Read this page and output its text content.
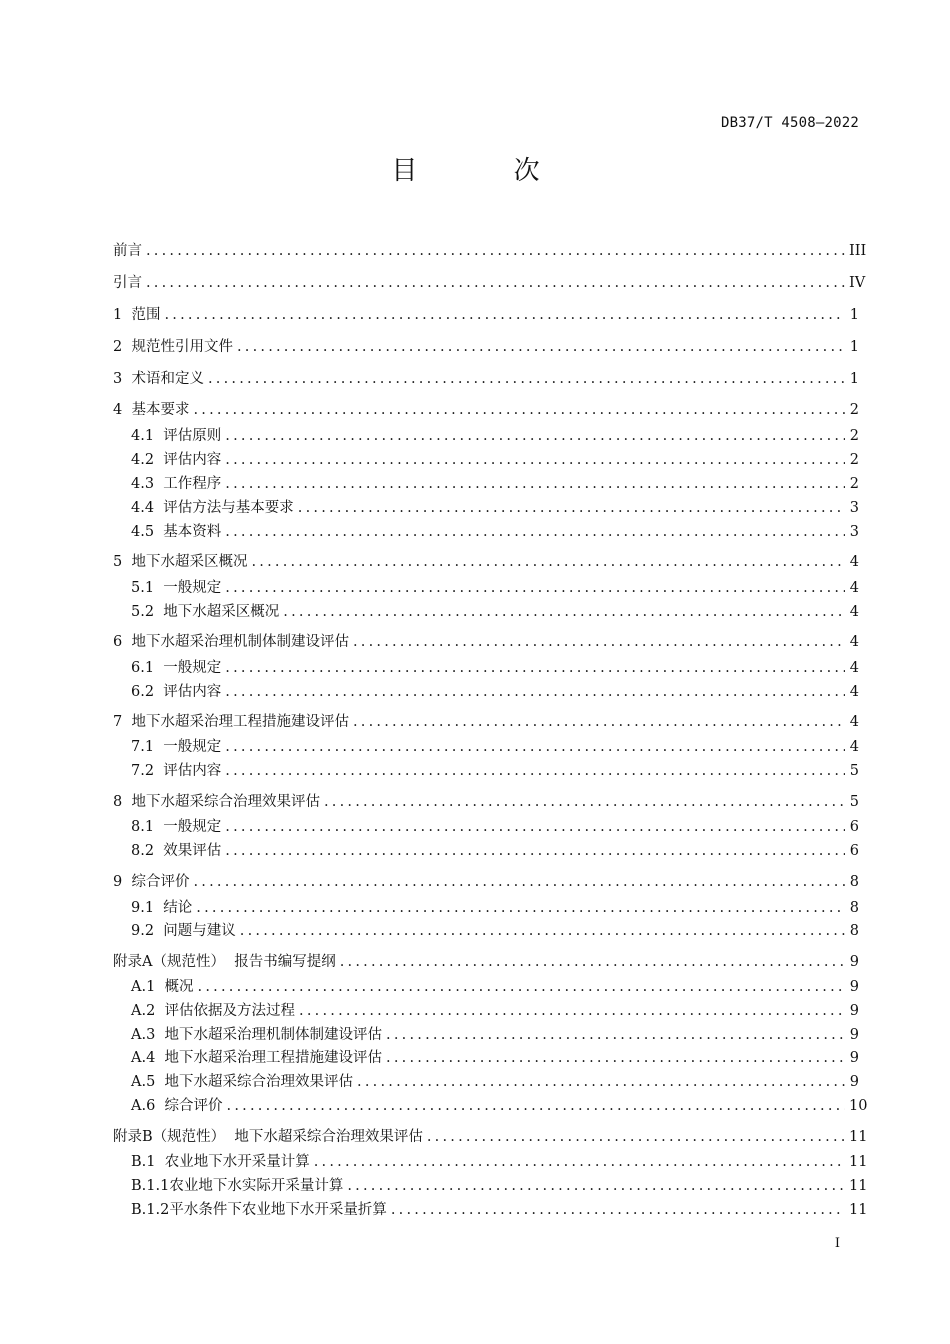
DB37/T 4508—2022
目 次
前言 .....	III
引言 .....	IV
1 范围 .....	1
2 规范性引用文件 .....	1
3 术语和定义 .....	1
4 基本要求 .....	2
4.1 评估原则 .....	2
4.2 评估内容 .....	2
4.3 工作程序 .....	2
4.4 评估方法与基本要求 .....	3
4.5 基本资料 .....	3
5 地下水超采区概况 .....	4
5.1 一般规定 .....	4
5.2 地下水超采区概况 .....	4
6 地下水超采治理机制体制建设评估 .....	4
6.1 一般规定 .....	4
6.2 评估内容 .....	4
7 地下水超采治理工程措施建设评估 .....	4
7.1 一般规定 .....	4
7.2 评估内容 .....	5
8 地下水超采综合治理效果评估 .....	5
8.1 一般规定 .....	6
8.2 效果评估 .....	6
9 综合评价 .....	8
9.1 结论 .....	8
9.2 问题与建议 .....	8
附录A（规范性） 报告书编写提纲 .....	9
A.1 概况 .....	9
A.2 评估依据及方法过程 .....	9
A.3 地下水超采治理机制体制建设评估 .....	9
A.4 地下水超采治理工程措施建设评估 .....	9
A.5 地下水超采综合治理效果评估 .....	9
A.6 综合评价 .....	10
附录B（规范性） 地下水超采综合治理效果评估 .....	11
B.1 农业地下水开采量计算 .....	11
B.1.1 农业地下水实际开采量计算 .....	11
B.1.2 平水条件下农业地下水开采量折算 .....	11
I
